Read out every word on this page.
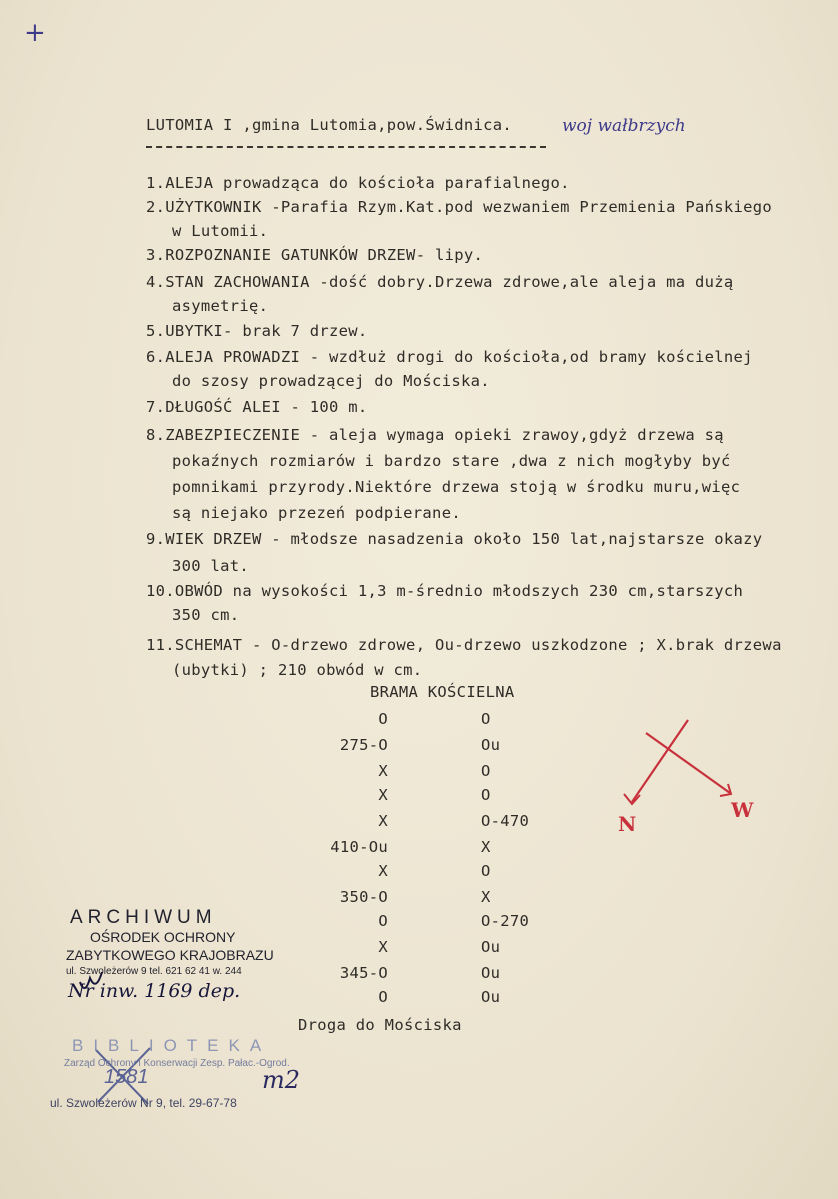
+
LUTOMIA I ,gmina Lutomia,pow.Świdnica.	woj wałbrzych
1.ALEJA prowadząca do kościoła parafialnego.
2.UŻYTKOWNIK -Parafia Rzym.Kat.pod wezwaniem Przemienia Pańskiego
w Lutomii.
3.ROZPOZNANIE GATUNKÓW DRZEW- lipy.
4.STAN ZACHOWANIA -dość dobry.Drzewa zdrowe,ale aleja ma dużą
asymetrię.
5.UBYTKI- brak 7 drzew.
6.ALEJA PROWADZI - wzdłuż drogi do kościoła,od bramy kościelnej
do szosy prowadzącej do Mościska.
7.DŁUGOŚĆ ALEI - 100 m.
8.ZABEZPIECZENIE - aleja wymaga opieki zrawoy,gdyż drzewa są
pokaźnych rozmiarów i bardzo stare ,dwa z nich mogłyby być
pomnikami przyrody.Niektóre drzewa stoją w środku muru,więc
są niejako przezeń podpierane.
9.WIEK DRZEW - młodsze nasadzenia około 150 lat,najstarsze okazy
300 lat.
10.OBWÓD na wysokości 1,3 m-średnio młodszych 230 cm,starszych
350 cm.
11.SCHEMAT - O-drzewo zdrowe, Ou-drzewo uszkodzone ; X.brak drzewa
(ubytki) ; 210 obwód w cm.
BRAMA KOŚCIELNA
O	O
275-O	Ou
X	O
X	O
X	O-470
410-Ou	X
X	O
350-O	X
O	O-270
X	Ou
345-O	Ou
O	Ou
Droga do Mościska
N
W
ARCHIWUM
OŚRODEK OCHRONY
ZABYTKOWEGO KRAJOBRAZU
ul. Szwoleżerów 9 tel. 621 62 41 w. 244
Nr inw. 1169 dep.
BIBLIOTEKA
Zarząd Ochrony i Konserwacji Zesp. Pałac.-Ogrod.
1581
ul. Szwoleżerów Nr 9, tel. 29-67-78
m2
